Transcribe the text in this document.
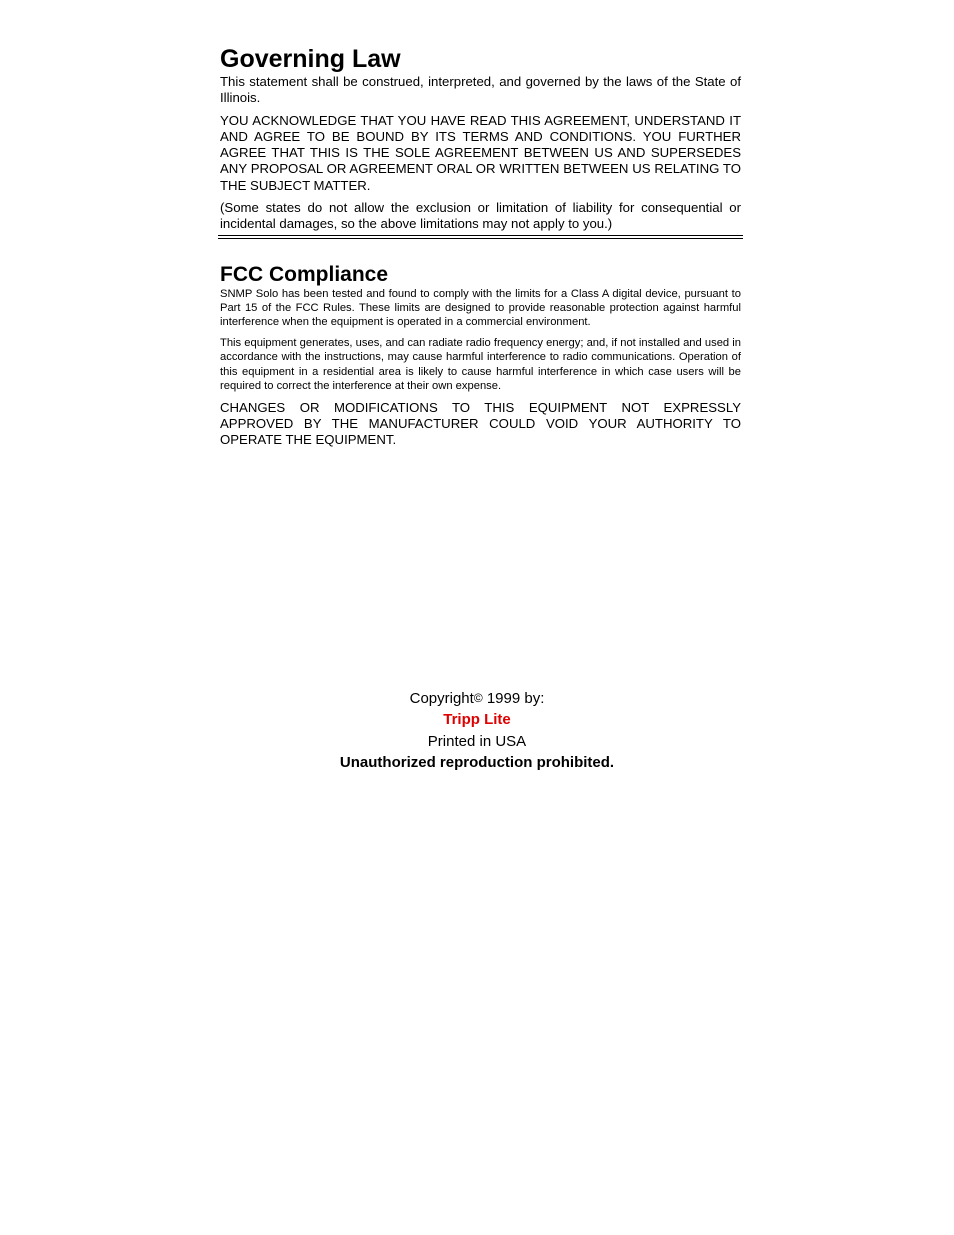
Governing Law

This statement shall be construed, interpreted, and governed by the laws of the State of Illinois.

YOU ACKNOWLEDGE THAT YOU HAVE READ THIS AGREEMENT, UNDERSTAND IT AND AGREE TO BE BOUND BY ITS TERMS AND CONDITIONS. YOU FURTHER AGREE THAT THIS IS THE SOLE AGREEMENT BETWEEN US AND SUPERSEDES ANY PROPOSAL OR AGREEMENT ORAL OR WRITTEN BETWEEN US RELATING TO THE SUBJECT MATTER.

(Some states do not allow the exclusion or limitation of liability for consequential or incidental damages, so the above limitations may not apply to you.)

FCC Compliance

SNMP Solo has been tested and found to comply with the limits for a Class A digital device, pursuant to Part 15 of the FCC Rules. These limits are designed to provide reasonable protection against harmful interference when the equipment is operated in a commercial environment.

This equipment generates, uses, and can radiate radio frequency energy; and, if not installed and used in accordance with the instructions, may cause harmful interference to radio communications. Operation of this equipment in a residential area is likely to cause harmful interference in which case users will be required to correct the interference at their own expense.

CHANGES OR MODIFICATIONS TO THIS EQUIPMENT NOT EXPRESSLY APPROVED BY THE MANUFACTURER COULD VOID YOUR AUTHORITY TO OPERATE THE EQUIPMENT.

Copyright© 1999 by:
Tripp Lite
Printed in USA
Unauthorized reproduction prohibited.
